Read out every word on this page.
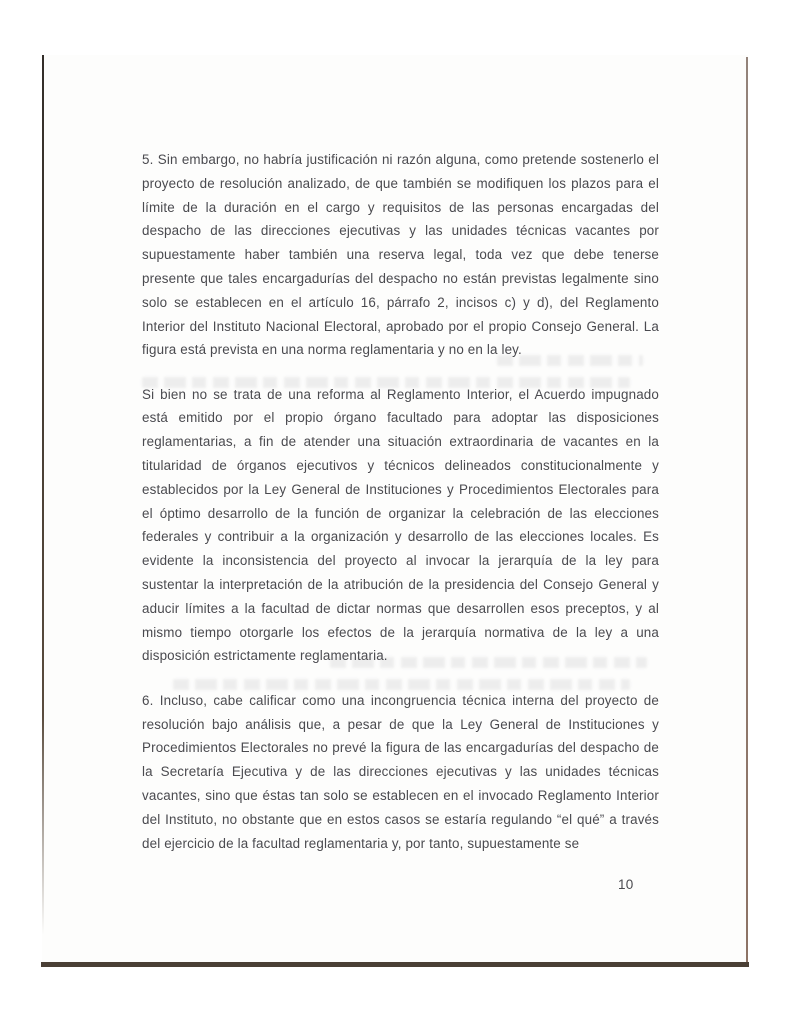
5. Sin embargo, no habría justificación ni razón alguna, como pretende sostenerlo el proyecto de resolución analizado, de que también se modifiquen los plazos para el límite de la duración en el cargo y requisitos de las personas encargadas del despacho de las direcciones ejecutivas y las unidades técnicas vacantes por supuestamente haber también una reserva legal, toda vez que debe tenerse presente que tales encargadurías del despacho no están previstas legalmente sino solo se establecen en el artículo 16, párrafo 2, incisos c) y d), del Reglamento Interior del Instituto Nacional Electoral, aprobado por el propio Consejo General. La figura está prevista en una norma reglamentaria y no en la ley.

Si bien no se trata de una reforma al Reglamento Interior, el Acuerdo impugnado está emitido por el propio órgano facultado para adoptar las disposiciones reglamentarias, a fin de atender una situación extraordinaria de vacantes en la titularidad de órganos ejecutivos y técnicos delineados constitucionalmente y establecidos por la Ley General de Instituciones y Procedimientos Electorales para el óptimo desarrollo de la función de organizar la celebración de las elecciones federales y contribuir a la organización y desarrollo de las elecciones locales. Es evidente la inconsistencia del proyecto al invocar la jerarquía de la ley para sustentar la interpretación de la atribución de la presidencia del Consejo General y aducir límites a la facultad de dictar normas que desarrollen esos preceptos, y al mismo tiempo otorgarle los efectos de la jerarquía normativa de la ley a una disposición estrictamente reglamentaria.

6. Incluso, cabe calificar como una incongruencia técnica interna del proyecto de resolución bajo análisis que, a pesar de que la Ley General de Instituciones y Procedimientos Electorales no prevé la figura de las encargadurías del despacho de la Secretaría Ejecutiva y de las direcciones ejecutivas y las unidades técnicas vacantes, sino que éstas tan solo se establecen en el invocado Reglamento Interior del Instituto, no obstante que en estos casos se estaría regulando “el qué” a través del ejercicio de la facultad reglamentaria y, por tanto, supuestamente se

10
